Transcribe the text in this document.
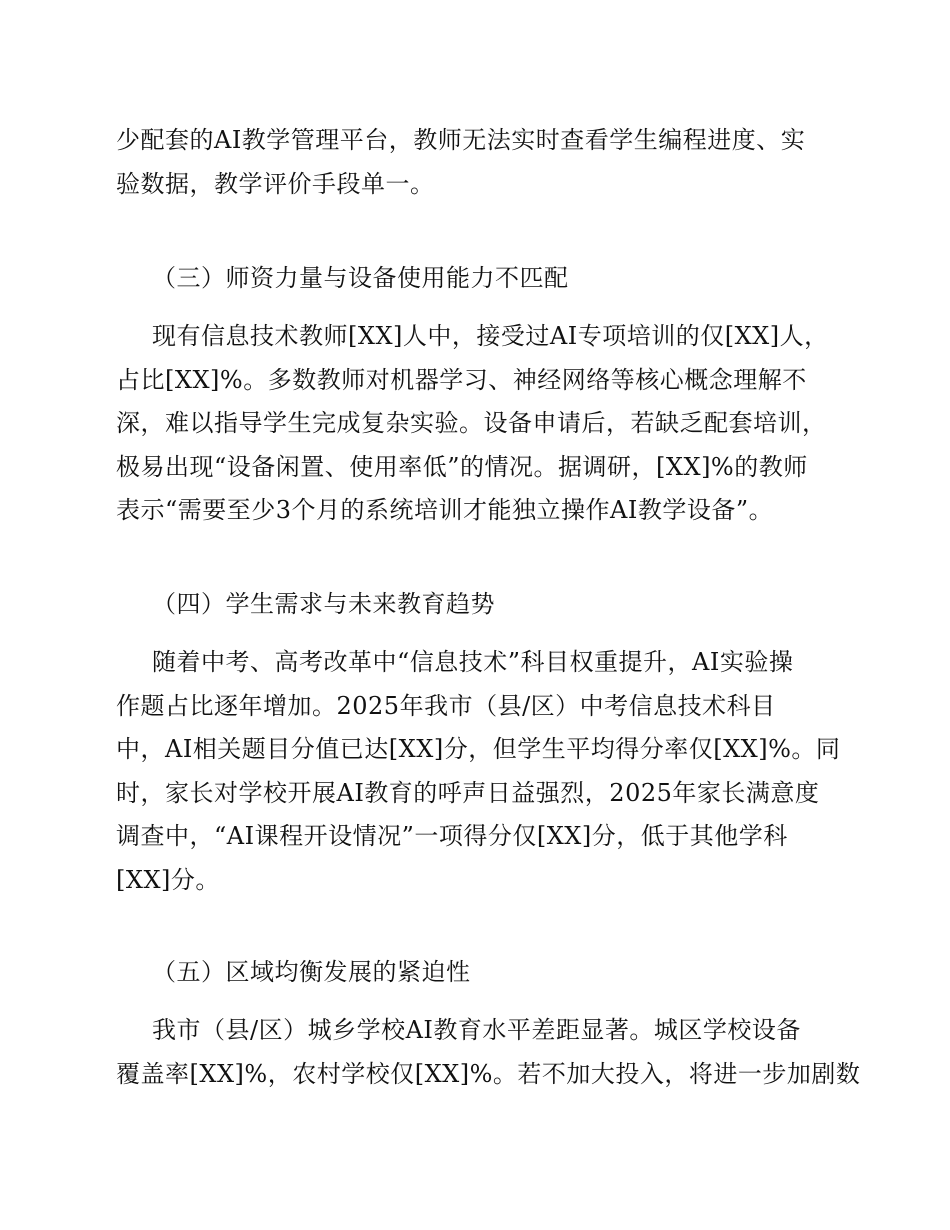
少配套的AI教学管理平台，教师无法实时查看学生编程进度、实
验数据，教学评价手段单一。
（三）师资力量与设备使用能力不匹配
现有信息技术教师[XX]人中，接受过AI专项培训的仅[XX]人，
占比[XX]%。多数教师对机器学习、神经网络等核心概念理解不
深，难以指导学生完成复杂实验。设备申请后，若缺乏配套培训，
极易出现“设备闲置、使用率低”的情况。据调研，[XX]%的教师
表示“需要至少3个月的系统培训才能独立操作AI教学设备”。
（四）学生需求与未来教育趋势
随着中考、高考改革中“信息技术”科目权重提升，AI实验操
作题占比逐年增加。2025年我市（县/区）中考信息技术科目
中，AI相关题目分值已达[XX]分，但学生平均得分率仅[XX]%。同
时，家长对学校开展AI教育的呼声日益强烈，2025年家长满意度
调查中，“AI课程开设情况”一项得分仅[XX]分，低于其他学科
[XX]分。
（五）区域均衡发展的紧迫性
我市（县/区）城乡学校AI教育水平差距显著。城区学校设备
覆盖率[XX]%，农村学校仅[XX]%。若不加大投入，将进一步加剧数
